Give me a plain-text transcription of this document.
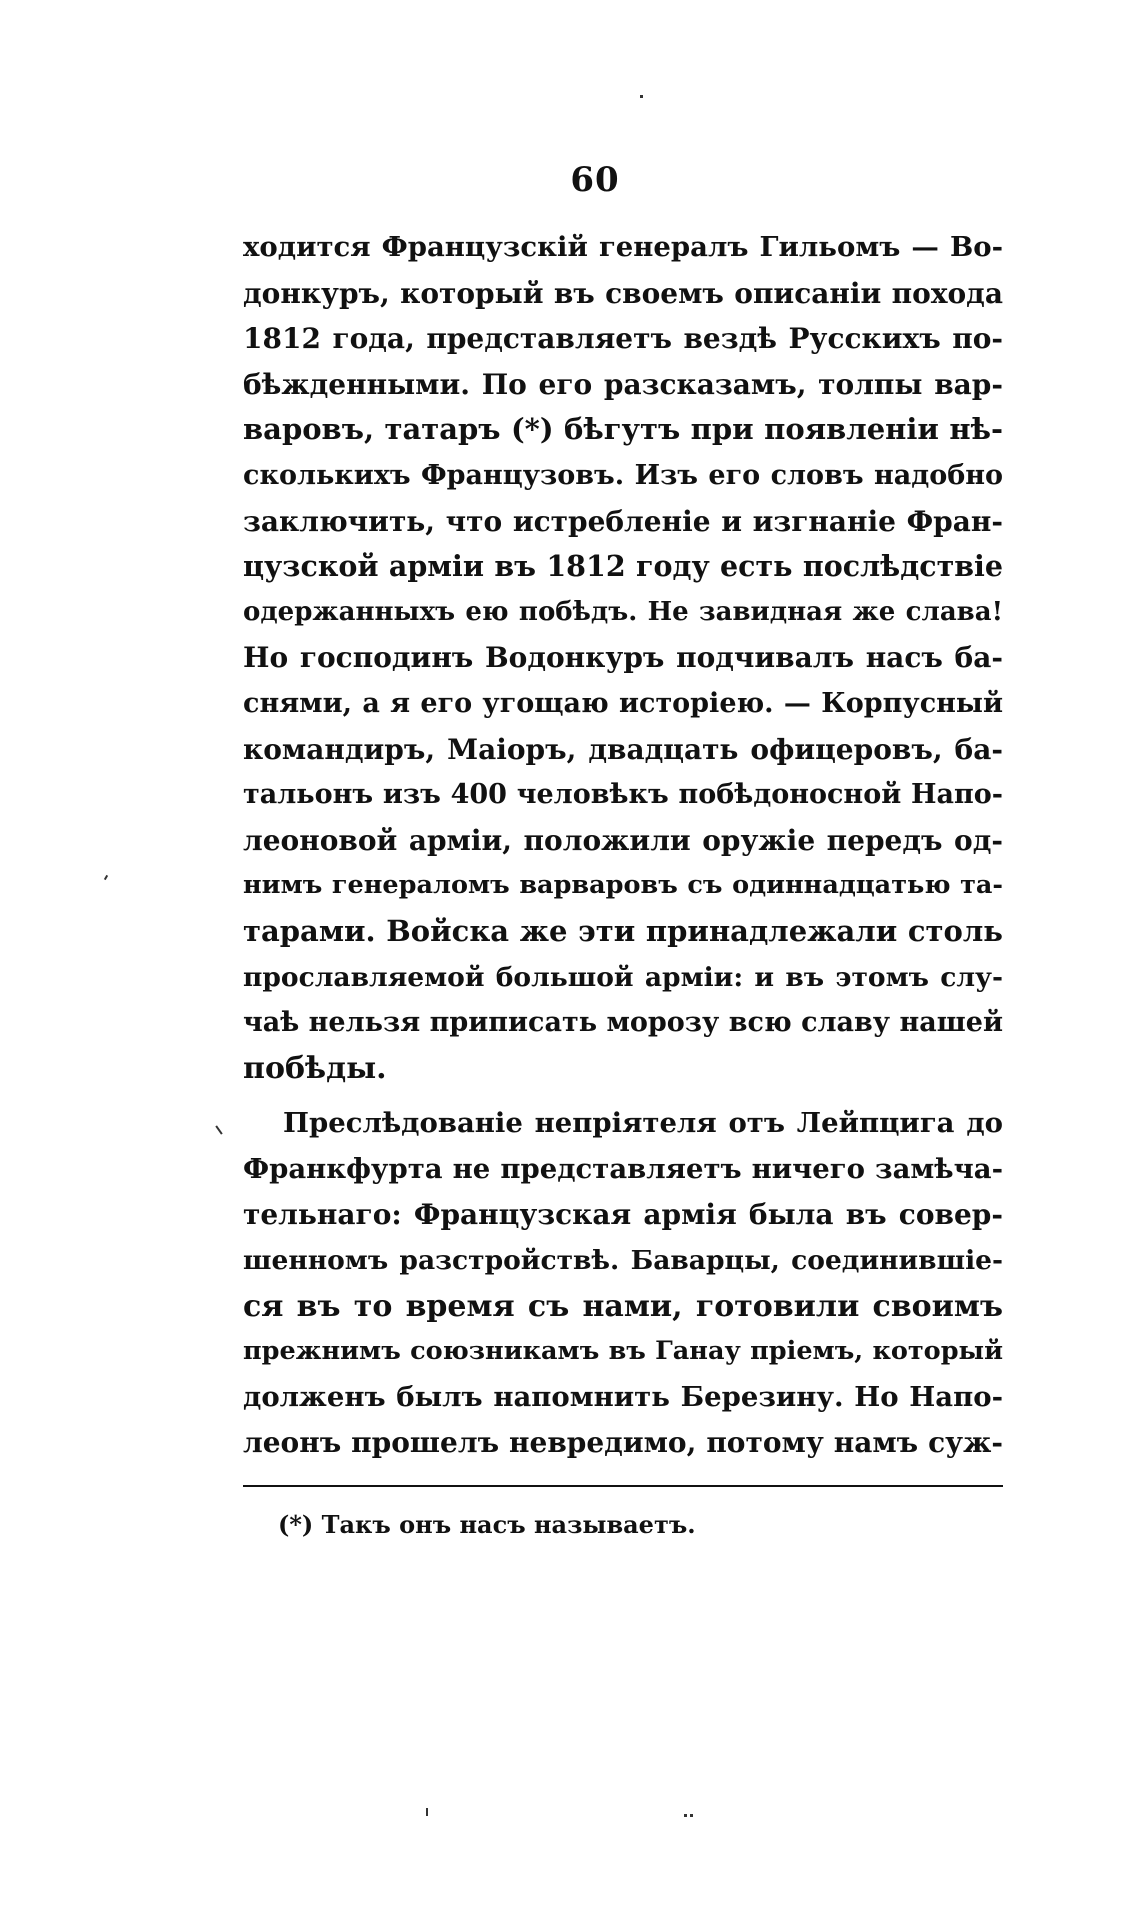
60
ходитcя Французскій генералъ Гильомъ — Во-
донкуръ, который въ своемъ описаніи похода
1812 года, представляетъ вездѣ Русскихъ по-
бѣжденными. По его разсказамъ, толпы вар-
варовъ, татаръ (*) бѣгутъ при появленіи нѣ-
сколькихъ Французовъ. Изъ его словъ надобно
заключить, что истребленіе и изгнаніе Фран-
цузской арміи въ 1812 году есть послѣдствіе
одержанныхъ ею побѣдъ. Не завидная же слава!
Но господинъ Водонкуръ подчивалъ насъ ба-
снями, а я его угощаю исторіею. — Корпусный
командиръ, Маіоръ, двадцать офицеровъ, ба-
тальонъ изъ 400 человѣкъ побѣдоносной Напо-
леоновой арміи, положили оружіе передъ од-
нимъ генераломъ варваровъ съ одиннадцатью та-
тарами. Войска же эти принадлежали столь
прославляемой большой арміи: и въ этомъ слу-
чаѣ нельзя приписать морозу всю славу нашей
побѣды.
Преслѣдованіе непріятеля отъ Лейпцига до
Франкфурта не представляетъ ничего замѣча-
тельнаго: Французская армія была въ совер-
шенномъ разстройствѣ. Баварцы, соединившіе-
ся въ то время съ нами, готовили своимъ
прежнимъ союзникамъ въ Ганау пріемъ, который
долженъ былъ напомнить Березину. Но Напо-
леонъ прошелъ невредимо, потому намъ суж-
(*) Такъ онъ насъ называетъ.
